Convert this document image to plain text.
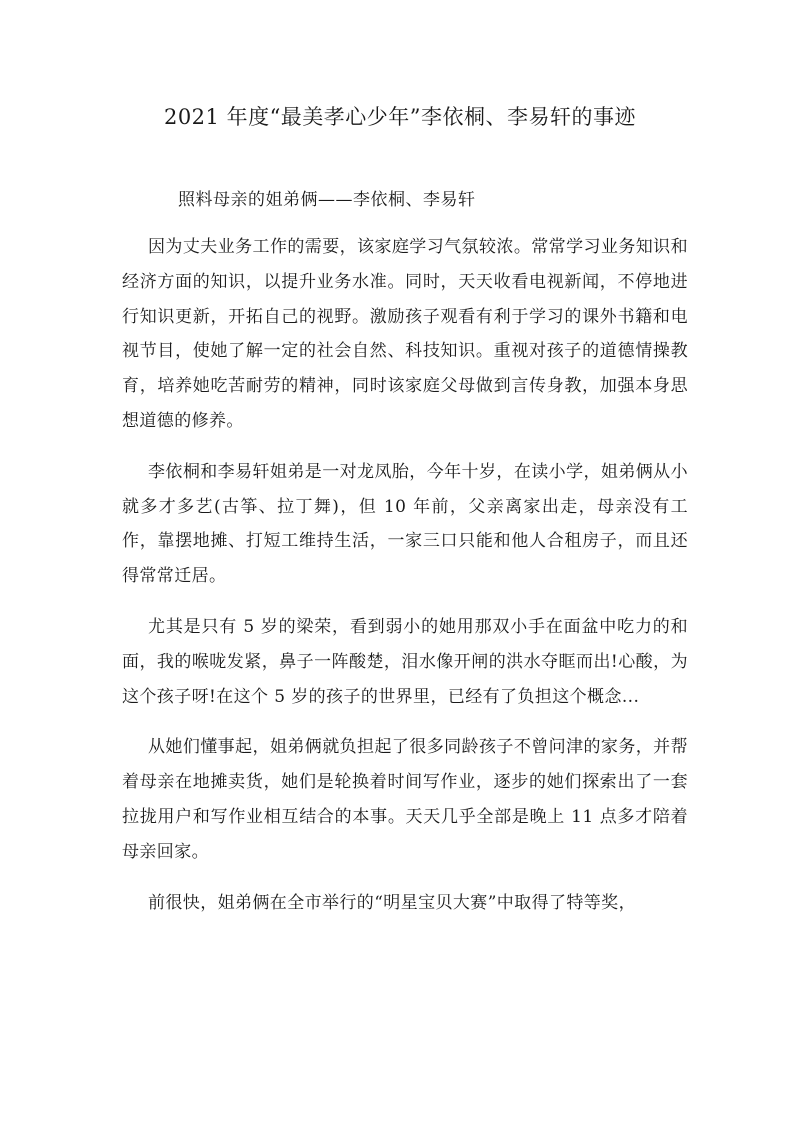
2021 年度“最美孝心少年”李依桐、李易轩的事迹

照料母亲的姐弟俩——李依桐、李易轩

因为丈夫业务工作的需要，该家庭学习气氛较浓。常常学习业务知识和经济方面的知识，以提升业务水准。同时，天天收看电视新闻，不停地进行知识更新，开拓自己的视野。激励孩子观看有利于学习的课外书籍和电视节目，使她了解一定的社会自然、科技知识。重视对孩子的道德情操教育，培养她吃苦耐劳的精神，同时该家庭父母做到言传身教，加强本身思想道德的修养。

李依桐和李易轩姐弟是一对龙凤胎，今年十岁，在读小学，姐弟俩从小就多才多艺(古筝、拉丁舞)，但 10 年前，父亲离家出走，母亲没有工作，靠摆地摊、打短工维持生活，一家三口只能和他人合租房子，而且还得常常迁居。

尤其是只有 5 岁的梁荣，看到弱小的她用那双小手在面盆中吃力的和面，我的喉咙发紧，鼻子一阵酸楚，泪水像开闸的洪水夺眶而出!心酸，为这个孩子呀!在这个 5 岁的孩子的世界里，已经有了负担这个概念...

从她们懂事起，姐弟俩就负担起了很多同龄孩子不曾问津的家务，并帮着母亲在地摊卖货，她们是轮换着时间写作业，逐步的她们探索出了一套拉拢用户和写作业相互结合的本事。天天几乎全部是晚上 11 点多才陪着母亲回家。

前很快，姐弟俩在全市举行的“明星宝贝大赛”中取得了特等奖，
